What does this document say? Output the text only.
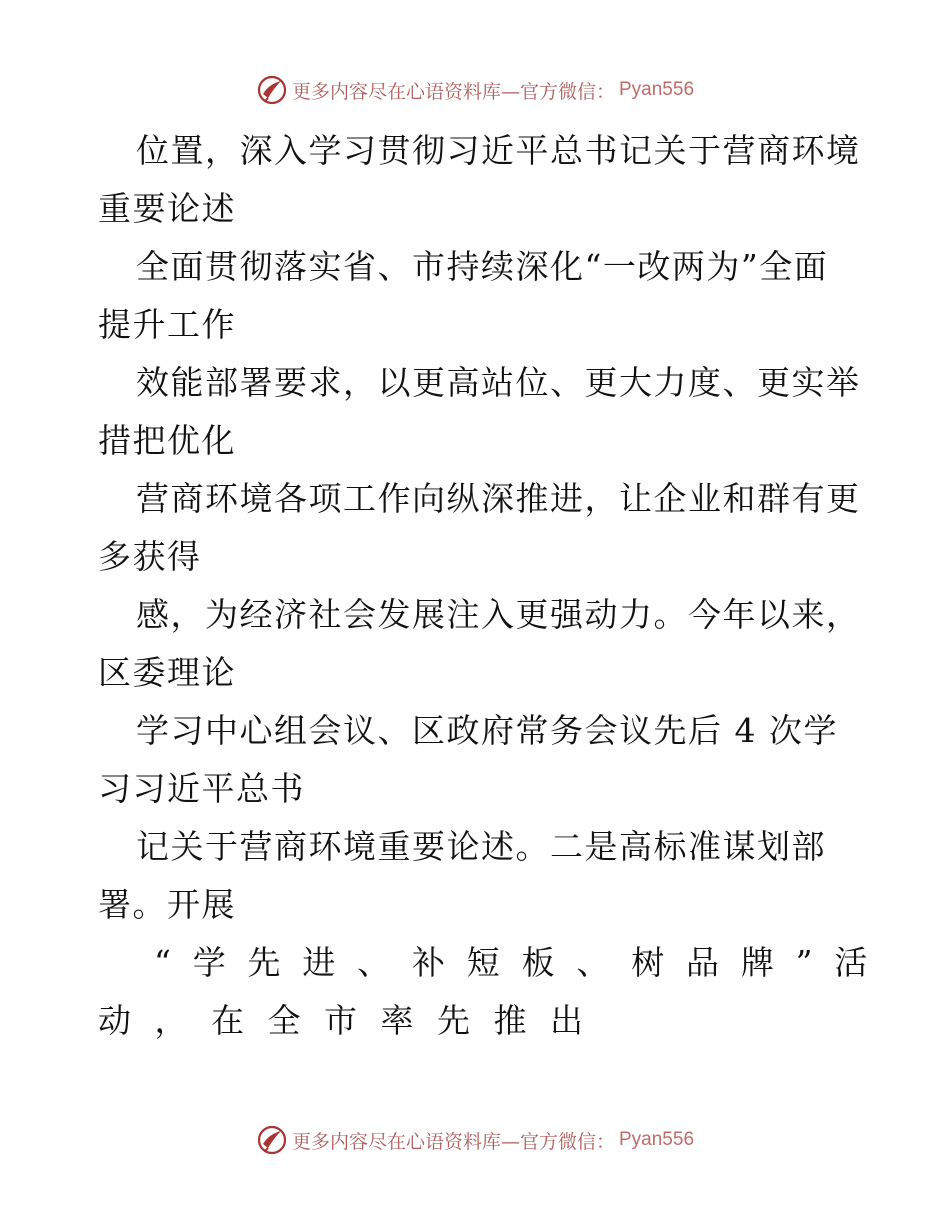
更多内容尽在心语资料库—官方微信： Pyan556
位置，深入学习贯彻习近平总书记关于营商环境
重要论述
全面贯彻落实省、市持续深化“一改两为”全面
提升工作
效能部署要求，以更高站位、更大力度、更实举
措把优化
营商环境各项工作向纵深推进，让企业和群有更
多获得
感，为经济社会发展注入更强动力。今年以来，
区委理论
学习中心组会议、区政府常务会议先后 4 次学
习习近平总书
记关于营商环境重要论述。二是高标准谋划部
署。开展
“ 学 先 进 、 补 短 板 、 树 品 牌 ” 活
动 ， 在 全 市 率 先 推 出
更多内容尽在心语资料库—官方微信： Pyan556
